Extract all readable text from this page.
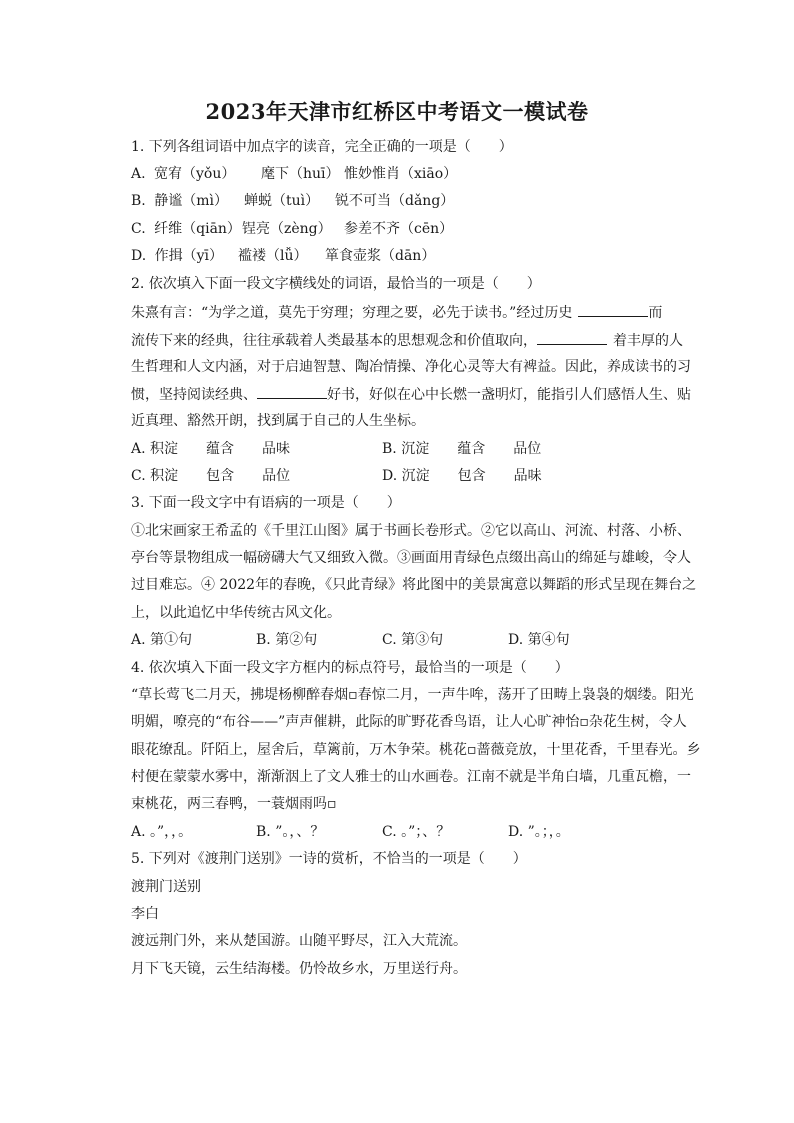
2023年天津市红桥区中考语文一模试卷
1. 下列各组词语中加点字的读音，完全正确的一项是（　　）
A. 宽宥（yǒu） 麾下（huī） 惟妙惟肖（xiāo）
B. 静谧（mì） 蝉蜕（tuì） 锐不可当（dǎng）
C. 纤维（qiān） 锃亮（zèng） 参差不齐（cēn）
D. 作揖（yī） 褴褛（lǚ） 箪食壶浆（dān）
2. 依次填入下面一段文字横线处的词语，最恰当的一项是（　　）
朱熹有言：“为学之道，莫先于穷理；穷理之要，必先于读书。”经过历史	而
流传下来的经典，往往承载着人类最基本的思想观念和价值取向，	着丰厚的人
生哲理和人文内涵，对于启迪智慧、陶冶情操、净化心灵等大有裨益。因此，养成读书的习
惯，坚持阅读经典、	好书，好似在心中长燃一盏明灯，能指引人们感悟人生、贴
近真理、豁然开朗，找到属于自己的人生坐标。
A. 积淀　　蕴含　　品味	B. 沉淀　　蕴含　　品位
C. 积淀　　包含　　品位	D. 沉淀　　包含　　品味
3. 下面一段文字中有语病的一项是（　　）
①北宋画家王希孟的《千里江山图》属于书画长卷形式。②它以高山、河流、村落、小桥、
亭台等景物组成一幅磅礴大气又细致入微。③画面用青绿色点缀出高山的绵延与雄峻，令人
过目难忘。④ 2022年的春晚，《只此青绿》将此图中的美景寓意以舞蹈的形式呈现在舞台之
上，以此追忆中华传统古风文化。
A. 第①句	B. 第②句	C. 第③句	D. 第④句
4. 依次填入下面一段文字方框内的标点符号，最恰当的一项是（　　）
“草长莺飞二月天，拂堤杨柳醉春烟▫春惊二月，一声牛哞，荡开了田畴上袅袅的烟缕。阳光
明媚，嘹亮的“布谷——”声声催耕，此际的旷野花香鸟语，让人心旷神怡▫杂花生树，令人
眼花缭乱。阡陌上，屋舍后，草篱前，万木争荣。桃花▫蔷薇竞放，十里花香，千里春光。乡
村便在蒙蒙水雾中，渐渐洇上了文人雅士的山水画卷。江南不就是半角白墙，几重瓦檐，一
束桃花，两三春鸭，一蓑烟雨吗▫
A. 。”，，。	B. ”。，、？	C. 。”；、？	D. ”。；，。
5. 下列对《渡荆门送别》一诗的赏析，不恰当的一项是（　　）
渡荆门送别
李白
渡远荆门外，来从楚国游。山随平野尽，江入大荒流。
月下飞天镜，云生结海楼。仍怜故乡水，万里送行舟。
